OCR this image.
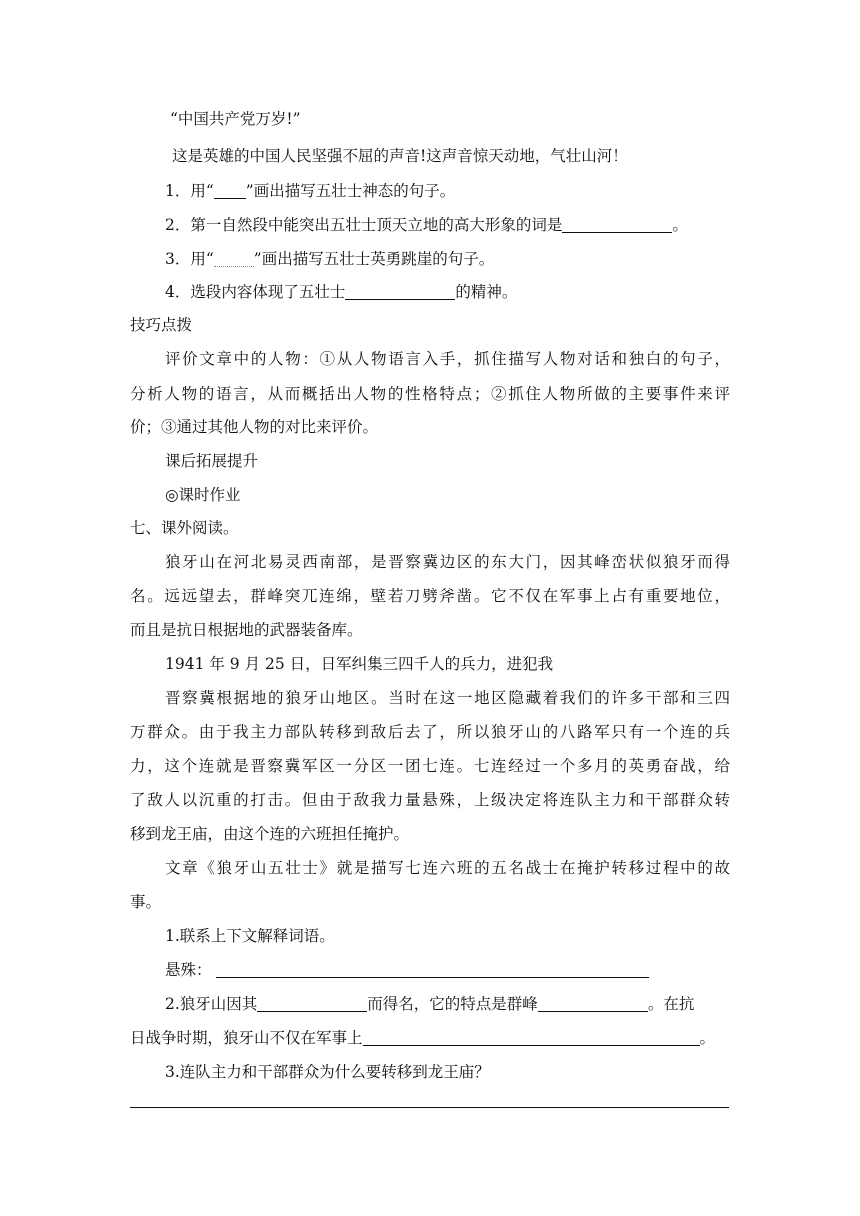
“中国共产党万岁!”
这是英雄的中国人民坚强不屈的声音!这声音惊天动地，气壮山河！
1．用“ ”画出描写五壮士神态的句子。
2．第一自然段中能突出五壮士顶天立地的高大形象的词是	。
3．用“	”画出描写五壮士英勇跳崖的句子。
4．选段内容体现了五壮士	的精神。
技巧点拨
评价文章中的人物：①从人物语言入手，抓住描写人物对话和独白的句子，
分析人物的语言，从而概括出人物的性格特点；②抓住人物所做的主要事件来评
价；③通过其他人物的对比来评价。
课后拓展提升
◎课时作业
七、课外阅读。
狼牙山在河北易灵西南部，是晋察冀边区的东大门，因其峰峦状似狼牙而得
名。远远望去，群峰突兀连绵，壁若刀劈斧凿。它不仅在军事上占有重要地位，
而且是抗日根据地的武器装备库。
1941 年 9 月 25 日，日军纠集三四千人的兵力，进犯我
晋察冀根据地的狼牙山地区。当时在这一地区隐藏着我们的许多干部和三四
万群众。由于我主力部队转移到敌后去了，所以狼牙山的八路军只有一个连的兵
力，这个连就是晋察冀军区一分区一团七连。七连经过一个多月的英勇奋战，给
了敌人以沉重的打击。但由于敌我力量悬殊，上级决定将连队主力和干部群众转
移到龙王庙，由这个连的六班担任掩护。
文章《狼牙山五壮士》就是描写七连六班的五名战士在掩护转移过程中的故
事。
1.联系上下文解释词语。
悬殊：
2.狼牙山因其	而得名，它的特点是群峰	。在抗
日战争时期，狼牙山不仅在军事上	。
3.连队主力和干部群众为什么要转移到龙王庙？
